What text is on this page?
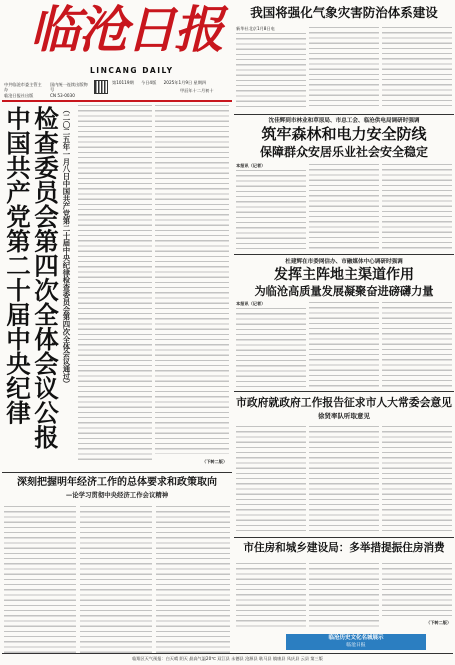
临沧日报
LINCANG DAILY
中共临沧市委主管主办
临沧日报社出版
国内统一连续出版物号
CN 53-0030
第10119期 今日4版 2025年1月9日 星期四
甲辰年十二月初十
我国将强化气象灾害防治体系建设
新华社北京1月8日电
中国共产党第二十届中央纪律 检查委员会第四次全体会议公报 （二〇二五年一月八日中国共产党第二十届中央纪律检查委员会第四次全体会议通过）
（下转二版）
沈佳辉到市林业和草原局、市总工会、临沧供电局调研时强调
筑牢森林和电力安全防线
保障群众安居乐业社会安全稳定
本报讯（记者）
杜建辉在市委网信办、市融媒体中心调研时强调
发挥主阵地主渠道作用
为临沧高质量发展凝聚奋进磅礴力量
本报讯（记者）
市政府就政府工作报告征求市人大常委会意见
徐贤率队听取意见
深刻把握明年经济工作的总体要求和政策取向
—论学习贯彻中央经济工作会议精神
市住房和城乡建设局：多举措提振住房消费
（下转二版）
临沧历史文化名城展示
临沧日报
临翔区天气预报：白天晴 阴天 最高气温20℃ 双江县 永德县 沧源县 耿马县 镇康县 凤庆县 云县 第三版
